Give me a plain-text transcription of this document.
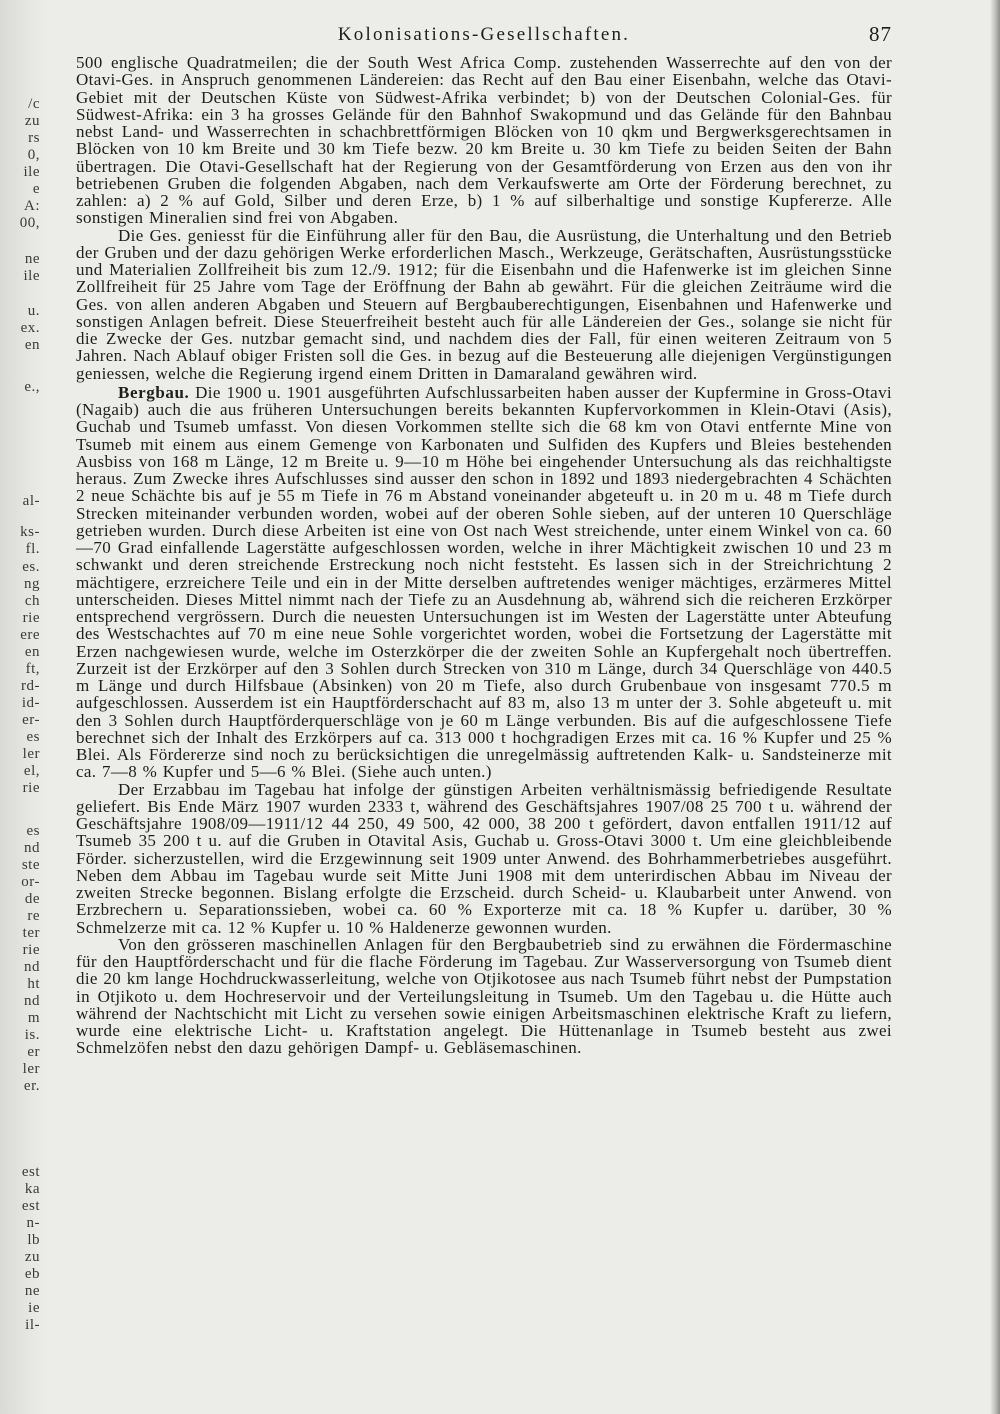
/c
zu
rs
0,
ile
e
A:
00,
ne
ile
u.
ex.
en
e.,
al-
ks-
fl.
es.
ng
ch
rie
ere
en
ft,
rd-
id-
er-
es
ler
el,
rie
es
nd
ste
or-
de
re
ter
rie
nd
ht
nd
m
is.
er
ler
er.
est
ka
est
n-
lb
zu
eb
ne
ie
il-
Kolonisations-Gesellschaften.	87

500 englische Quadratmeilen; die der South West Africa Comp. zustehenden Wasserrechte auf den von der Otavi-Ges. in Anspruch genommenen Ländereien: das Recht auf den Bau einer Eisenbahn, welche das Otavi-Gebiet mit der Deutschen Küste von Südwest-Afrika verbindet; b) von der Deutschen Colonial-Ges. für Südwest-Afrika: ein 3 ha grosses Gelände für den Bahnhof Swakopmund und das Gelände für den Bahnbau nebst Land- und Wasserrechten in schachbrettförmigen Blöcken von 10 qkm und Bergwerksgerechtsamen in Blöcken von 10 km Breite und 30 km Tiefe bezw. 20 km Breite u. 30 km Tiefe zu beiden Seiten der Bahn übertragen. Die Otavi-Gesellschaft hat der Regierung von der Gesamtförderung von Erzen aus den von ihr betriebenen Gruben die folgenden Abgaben, nach dem Verkaufswerte am Orte der Förderung berechnet, zu zahlen: a) 2 % auf Gold, Silber und deren Erze, b) 1 % auf silberhaltige und sonstige Kupfererze. Alle sonstigen Mineralien sind frei von Abgaben.

Die Ges. geniesst für die Einführung aller für den Bau, die Ausrüstung, die Unterhaltung und den Betrieb der Gruben und der dazu gehörigen Werke erforderlichen Masch., Werkzeuge, Gerätschaften, Ausrüstungsstücke und Materialien Zollfreiheit bis zum 12./9. 1912; für die Eisenbahn und die Hafenwerke ist im gleichen Sinne Zollfreiheit für 25 Jahre vom Tage der Eröffnung der Bahn ab gewährt. Für die gleichen Zeiträume wird die Ges. von allen anderen Abgaben und Steuern auf Bergbauberechtigungen, Eisenbahnen und Hafenwerke und sonstigen Anlagen befreit. Diese Steuerfreiheit besteht auch für alle Ländereien der Ges., solange sie nicht für die Zwecke der Ges. nutzbar gemacht sind, und nachdem dies der Fall, für einen weiteren Zeitraum von 5 Jahren. Nach Ablauf obiger Fristen soll die Ges. in bezug auf die Besteuerung alle diejenigen Vergünstigungen geniessen, welche die Regierung irgend einem Dritten in Damaraland gewähren wird.

Bergbau. Die 1900 u. 1901 ausgeführten Aufschlussarbeiten haben ausser der Kupfermine in Gross-Otavi (Nagaib) auch die aus früheren Untersuchungen bereits bekannten Kupfervorkommen in Klein-Otavi (Asis), Guchab und Tsumeb umfasst. Von diesen Vorkommen stellte sich die 68 km von Otavi entfernte Mine von Tsumeb mit einem aus einem Gemenge von Karbonaten und Sulfiden des Kupfers und Bleies bestehenden Ausbiss von 168 m Länge, 12 m Breite u. 9—10 m Höhe bei eingehender Untersuchung als das reichhaltigste heraus. Zum Zwecke ihres Aufschlusses sind ausser den schon in 1892 und 1893 niedergebrachten 4 Schächten 2 neue Schächte bis auf je 55 m Tiefe in 76 m Abstand voneinander abgeteuft u. in 20 m u. 48 m Tiefe durch Strecken miteinander verbunden worden, wobei auf der oberen Sohle sieben, auf der unteren 10 Querschläge getrieben wurden. Durch diese Arbeiten ist eine von Ost nach West streichende, unter einem Winkel von ca. 60—70 Grad einfallende Lagerstätte aufgeschlossen worden, welche in ihrer Mächtigkeit zwischen 10 und 23 m schwankt und deren streichende Erstreckung noch nicht feststeht. Es lassen sich in der Streichrichtung 2 mächtigere, erzreichere Teile und ein in der Mitte derselben auftretendes weniger mächtiges, erzärmeres Mittel unterscheiden. Dieses Mittel nimmt nach der Tiefe zu an Ausdehnung ab, während sich die reicheren Erzkörper entsprechend vergrössern. Durch die neuesten Untersuchungen ist im Westen der Lagerstätte unter Abteufung des Westschachtes auf 70 m eine neue Sohle vorgerichtet worden, wobei die Fortsetzung der Lagerstätte mit Erzen nachgewiesen wurde, welche im Osterzkörper die der zweiten Sohle an Kupfergehalt noch übertreffen. Zurzeit ist der Erzkörper auf den 3 Sohlen durch Strecken von 310 m Länge, durch 34 Querschläge von 440.5 m Länge und durch Hilfsbaue (Absinken) von 20 m Tiefe, also durch Grubenbaue von insgesamt 770.5 m aufgeschlossen. Ausserdem ist ein Hauptförderschacht auf 83 m, also 13 m unter der 3. Sohle abgeteuft u. mit den 3 Sohlen durch Hauptförderquerschläge von je 60 m Länge verbunden. Bis auf die aufgeschlossene Tiefe berechnet sich der Inhalt des Erzkörpers auf ca. 313 000 t hochgradigen Erzes mit ca. 16 % Kupfer und 25 % Blei. Als Fördererze sind noch zu berücksichtigen die unregelmässig auftretenden Kalk- u. Sandsteinerze mit ca. 7—8 % Kupfer und 5—6 % Blei. (Siehe auch unten.)

Der Erzabbau im Tagebau hat infolge der günstigen Arbeiten verhältnismässig befriedigende Resultate geliefert. Bis Ende März 1907 wurden 2333 t, während des Geschäftsjahres 1907/08 25 700 t u. während der Geschäftsjahre 1908/09—1911/12 44 250, 49 500, 42 000, 38 200 t gefördert, davon entfallen 1911/12 auf Tsumeb 35 200 t u. auf die Gruben in Otavital Asis, Guchab u. Gross-Otavi 3000 t. Um eine gleichbleibende Förder. sicherzustellen, wird die Erzgewinnung seit 1909 unter Anwend. des Bohrhammerbetriebes ausgeführt. Neben dem Abbau im Tagebau wurde seit Mitte Juni 1908 mit dem unterirdischen Abbau im Niveau der zweiten Strecke begonnen. Bislang erfolgte die Erzscheid. durch Scheid- u. Klaubarbeit unter Anwend. von Erzbrechern u. Separationssieben, wobei ca. 60 % Exporterze mit ca. 18 % Kupfer u. darüber, 30 % Schmelzerze mit ca. 12 % Kupfer u. 10 % Haldenerze gewonnen wurden.

Von den grösseren maschinellen Anlagen für den Bergbaubetrieb sind zu erwähnen die Fördermaschine für den Hauptförderschacht und für die flache Förderung im Tagebau. Zur Wasserversorgung von Tsumeb dient die 20 km lange Hochdruckwasserleitung, welche von Otjikotosee aus nach Tsumeb führt nebst der Pumpstation in Otjikoto u. dem Hochreservoir und der Verteilungsleitung in Tsumeb. Um den Tagebau u. die Hütte auch während der Nachtschicht mit Licht zu versehen sowie einigen Arbeitsmaschinen elektrische Kraft zu liefern, wurde eine elektrische Licht- u. Kraftstation angelegt. Die Hüttenanlage in Tsumeb besteht aus zwei Schmelzöfen nebst den dazu gehörigen Dampf- u. Gebläsemaschinen.
